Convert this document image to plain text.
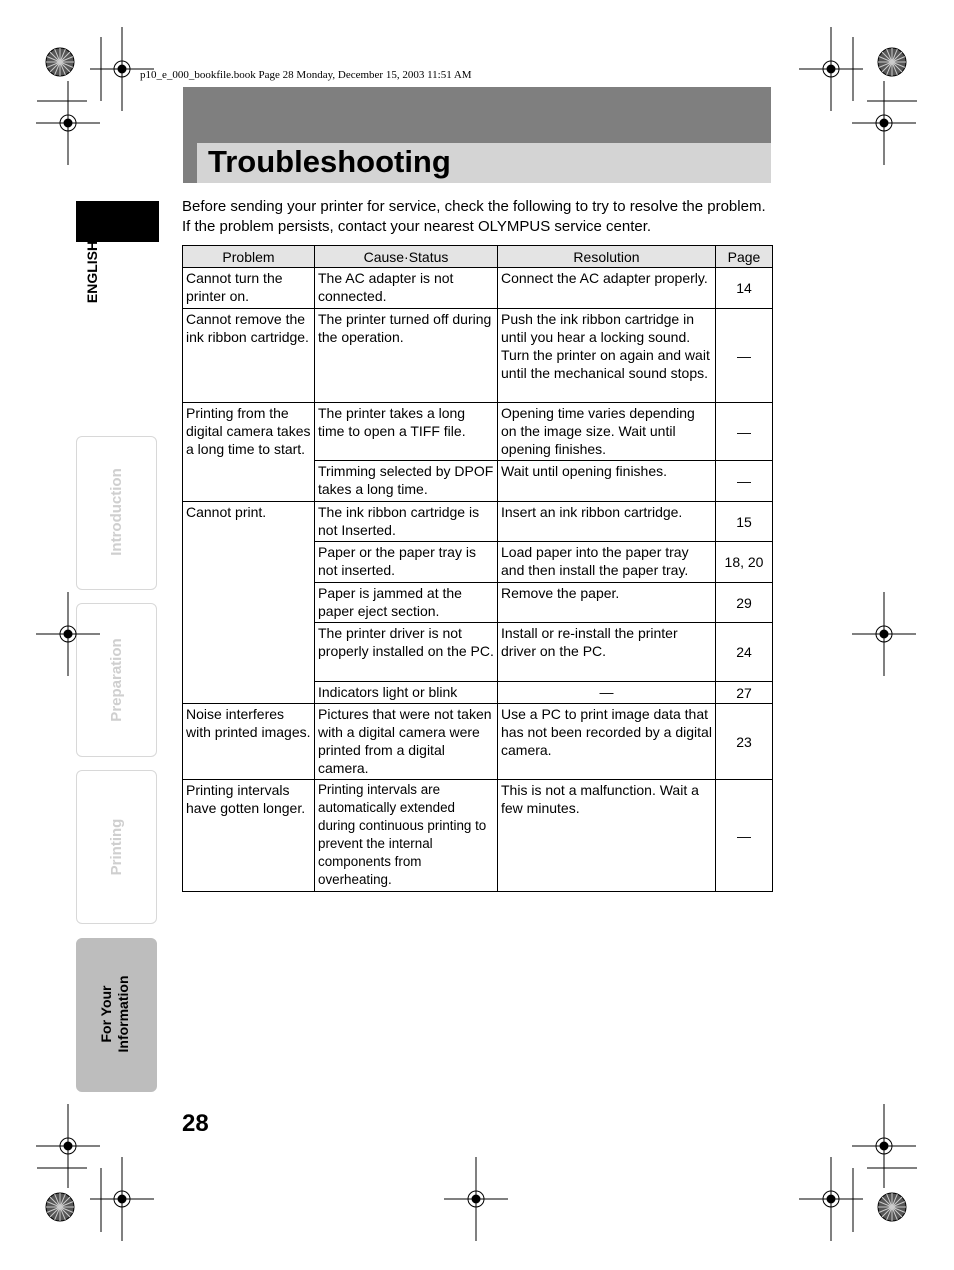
p10_e_000_bookfile.book Page 28 Monday, December 15, 2003 11:51 AM
Troubleshooting
Before sending your printer for service, check the following to try to resolve the problem. If the problem persists, contact your nearest OLYMPUS service center.
ENGLISH
Introduction
Preparation
Printing
For Your Information
Problem	Cause·Status	Resolution	Page
Cannot turn the printer on.	The AC adapter is not connected.	Connect the AC adapter properly.	14
Cannot remove the ink ribbon cartridge.	The printer turned off during the operation.	Push the ink ribbon cartridge in until you hear a locking sound. Turn the printer on again and wait until the mechanical sound stops.	—
Printing from the digital camera takes a long time to start.	The printer takes a long time to open a TIFF file.	Opening time varies depending on the image size. Wait until opening finishes.	—
	Trimming selected by DPOF takes a long time.	Wait until opening finishes.	—
Cannot print.	The ink ribbon cartridge is not Inserted.	Insert an ink ribbon cartridge.	15
	Paper or the paper tray is not inserted.	Load paper into the paper tray and then install the paper tray.	18, 20
	Paper is jammed at the paper eject section.	Remove the paper.	29
	The printer driver is not properly installed on the PC.	Install or re-install the printer driver on the PC.	24
	Indicators light or blink	—	27
Noise interferes with printed images.	Pictures that were not taken with a digital camera were printed from a digital camera.	Use a PC to print image data that has not been recorded by a digital camera.	23
Printing intervals have gotten longer.	Printing intervals are automatically extended during continuous printing to prevent the internal components from overheating.	This is not a malfunction. Wait a few minutes.	—
28
